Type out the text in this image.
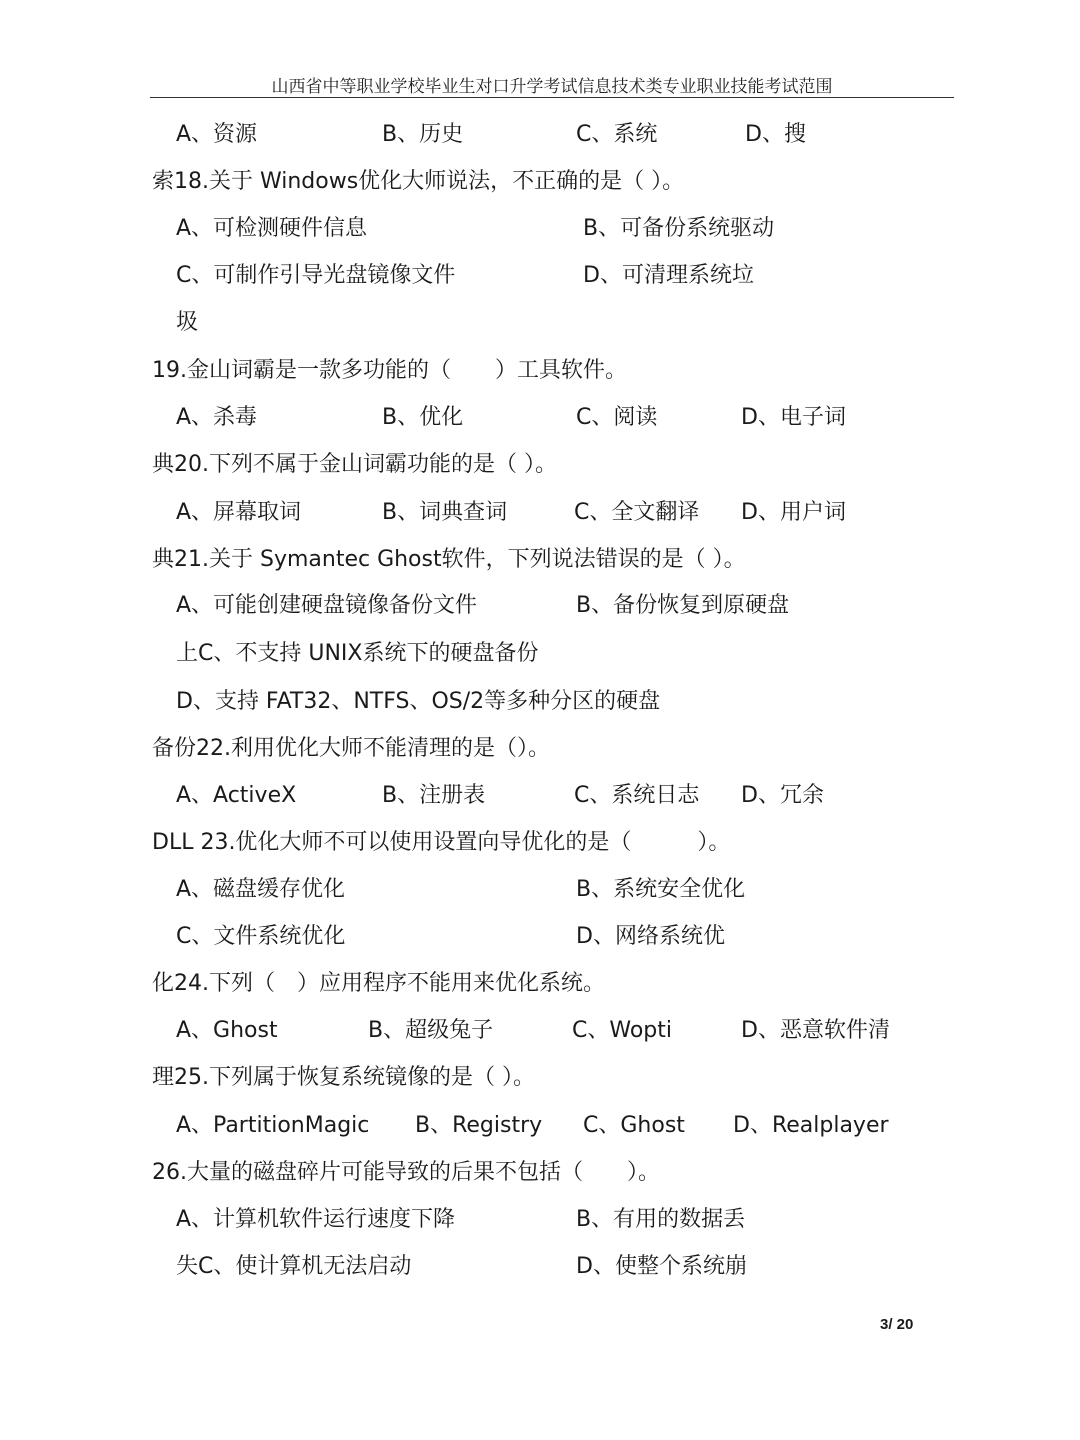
山西省中等职业学校毕业生对口升学考试信息技术类专业职业技能考试范围
A、资源	B、历史	C、系统	D、搜
索18.关于 Windows优化大师说法，不正确的是（ ）。
A、可检测硬件信息	B、可备份系统驱动
C、可制作引导光盘镜像文件	D、可清理系统垃
圾
19.金山词霸是一款多功能的（　　）工具软件。
A、杀毒	B、优化	C、阅读	D、电子词
典20.下列不属于金山词霸功能的是（ ）。
A、屏幕取词	B、词典查词	C、全文翻译 D、用户词
典21.关于 Symantec Ghost软件，下列说法错误的是（ ）。
A、可能创建硬盘镜像备份文件	B、备份恢复到原硬盘
上C、不支持 UNIX系统下的硬盘备份
D、支持 FAT32、NTFS、OS/2等多种分区的硬盘
备份22.利用优化大师不能清理的是（）。
A、ActiveX	B、注册表	C、系统日志 D、冗余
DLL 23.优化大师不可以使用设置向导优化的是（　　　）。
A、磁盘缓存优化	B、系统安全优化
C、文件系统优化	D、网络系统优
化24.下列（　）应用程序不能用来优化系统。
A、Ghost	B、超级兔子	C、Wopti	D、恶意软件清
理25.下列属于恢复系统镜像的是（ ）。
A、PartitionMagic B、Registry C、Ghost D、Realplayer
26.大量的磁盘碎片可能导致的后果不包括（　　）。
A、计算机软件运行速度下降	B、有用的数据丢
失C、使计算机无法启动	D、使整个系统崩
3/ 20
